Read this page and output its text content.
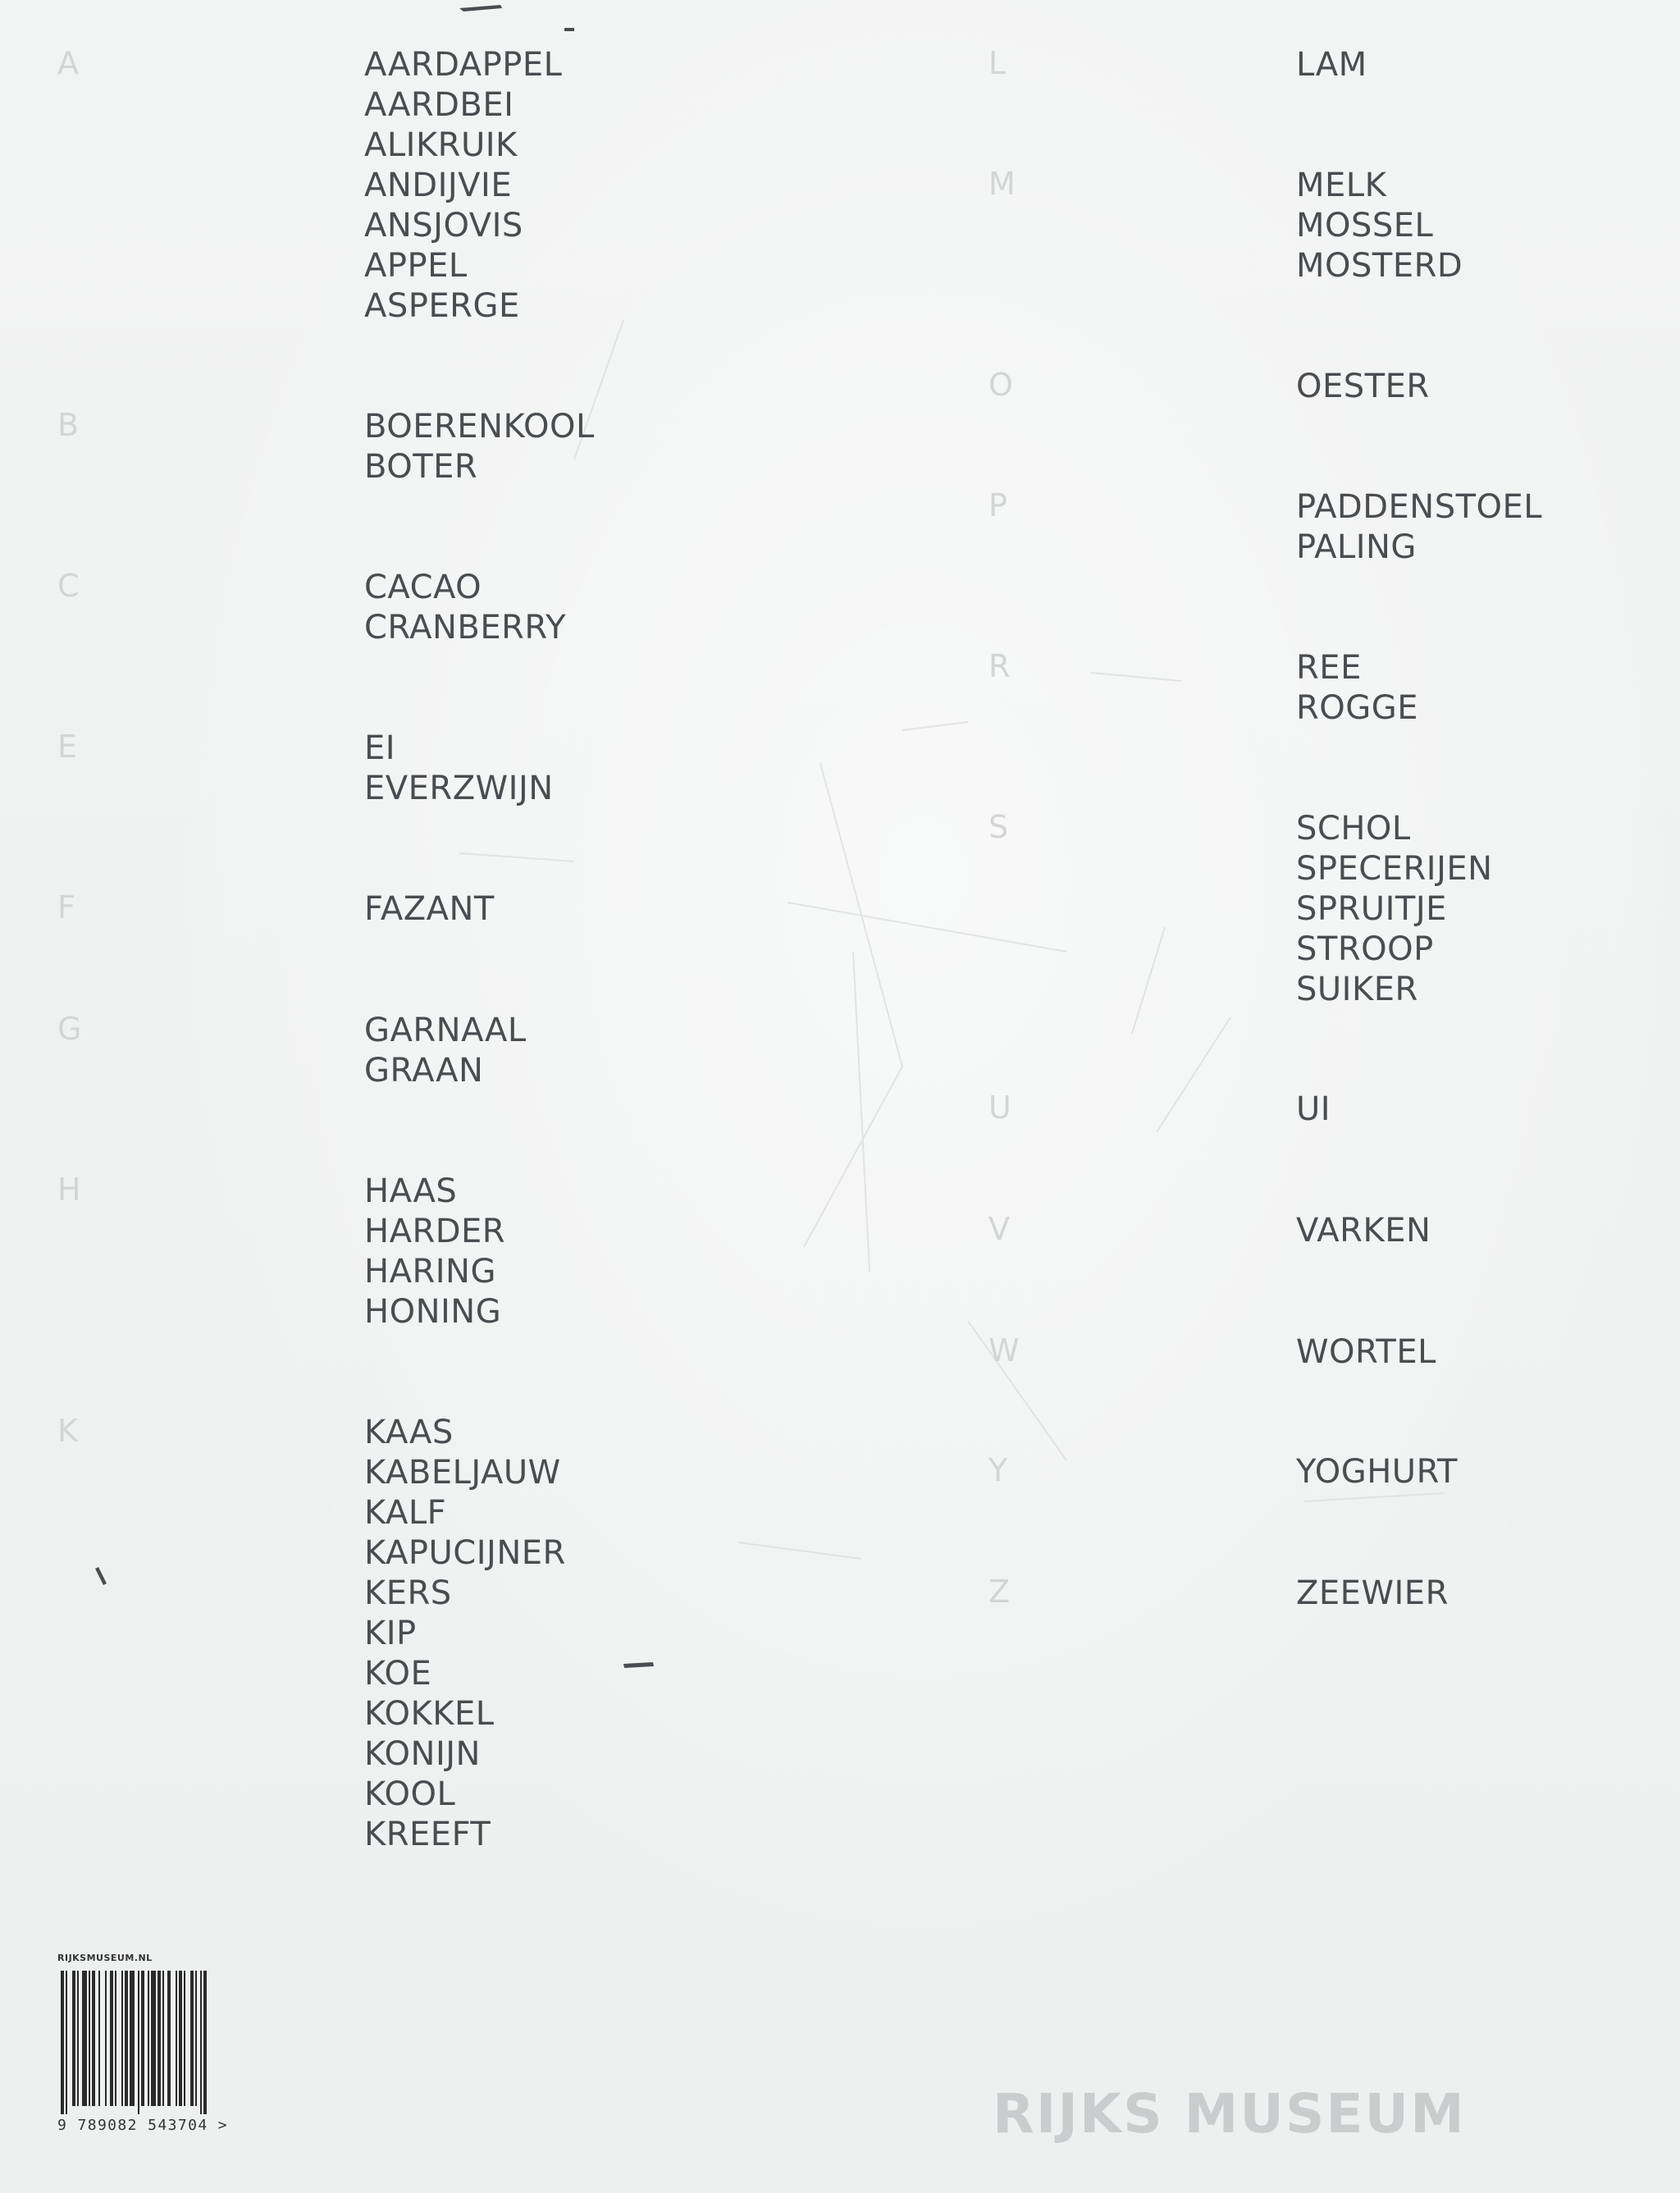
A	AARDAPPEL
AARDBEI
ALIKRUIK
ANDIJVIE
ANSJOVIS
APPEL
ASPERGE
B	BOERENKOOL
BOTER
C	CACAO
CRANBERRY
E	EI
EVERZWIJN
F	FAZANT
G	GARNAAL
GRAAN
H	HAAS
HARDER
HARING
HONING
K	KAAS
KABELJAUW
KALF
KAPUCIJNER
KERS
KIP
KOE
KOKKEL
KONIJN
KOOL
KREEFT
L	LAM
M	MELK
MOSSEL
MOSTERD
O	OESTER
P	PADDENSTOEL
PALING
R	REE
ROGGE
S	SCHOL
SPECERIJEN
SPRUITJE
STROOP
SUIKER
U	UI
V	VARKEN
W	WORTEL
Y	YOGHURT
Z	ZEEWIER
RIJKSMUSEUM.NL
9 789082 543704 >	RIJKS MUSEUM
